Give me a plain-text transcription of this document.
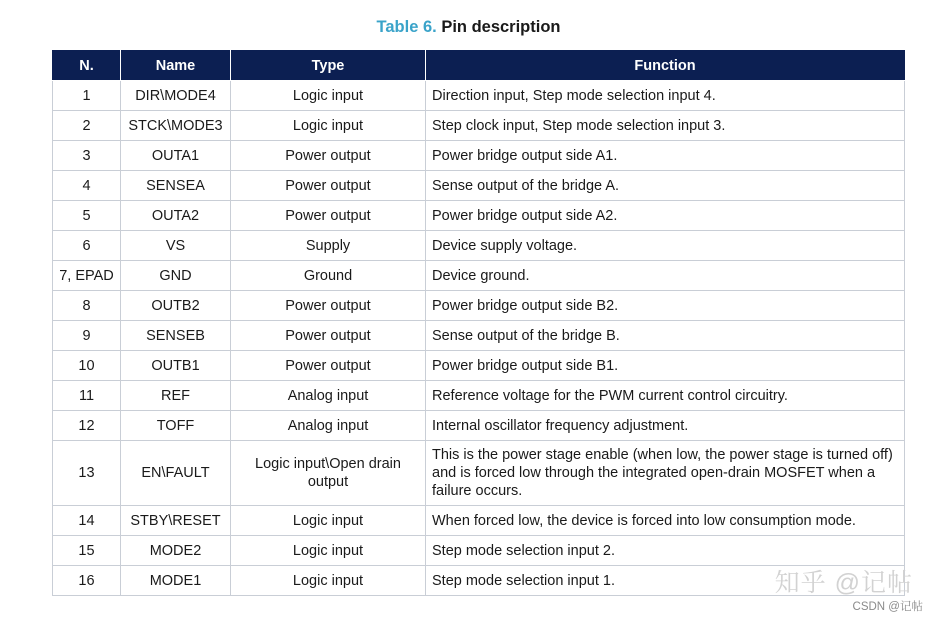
Table 6. Pin description
N.	Name	Type	Function
1	DIR\MODE4	Logic input	Direction input, Step mode selection input 4.
2	STCK\MODE3	Logic input	Step clock input, Step mode selection input 3.
3	OUTA1	Power output	Power bridge output side A1.
4	SENSEA	Power output	Sense output of the bridge A.
5	OUTA2	Power output	Power bridge output side A2.
6	VS	Supply	Device supply voltage.
7, EPAD	GND	Ground	Device ground.
8	OUTB2	Power output	Power bridge output side B2.
9	SENSEB	Power output	Sense output of the bridge B.
10	OUTB1	Power output	Power bridge output side B1.
11	REF	Analog input	Reference voltage for the PWM current control circuitry.
12	TOFF	Analog input	Internal oscillator frequency adjustment.
13	EN\FAULT	Logic input\Open drain output	This is the power stage enable (when low, the power stage is turned off) and is forced low through the integrated open-drain MOSFET when a failure occurs.
14	STBY\RESET	Logic input	When forced low, the device is forced into low consumption mode.
15	MODE2	Logic input	Step mode selection input 2.
16	MODE1	Logic input	Step mode selection input 1.	知乎 @记帖
CSDN @记帖
